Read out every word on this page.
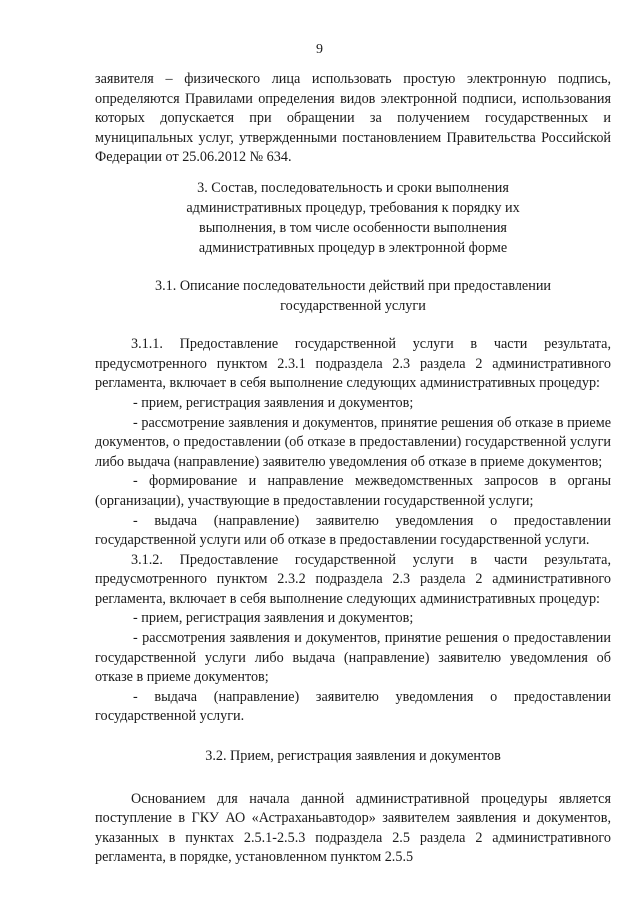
9

заявителя – физического лица использовать простую электронную подпись, определяются Правилами определения видов электронной подписи, использования которых допускается при обращении за получением государственных и муниципальных услуг, утвержденными постановлением Правительства Российской Федерации от 25.06.2012 № 634.

3. Состав, последовательность и сроки выполнения
административных процедур, требования к порядку их
выполнения, в том числе особенности выполнения
административных процедур в электронной форме

3.1. Описание последовательности действий при предоставлении
государственной услуги

3.1.1. Предоставление государственной услуги в части результата, предусмотренного пунктом 2.3.1 подраздела 2.3 раздела 2 административного регламента, включает в себя выполнение следующих административных процедур:

- прием, регистрация заявления и документов;

- рассмотрение заявления и документов, принятие решения об отказе в приеме документов, о предоставлении (об отказе в предоставлении) государственной услуги либо выдача (направление) заявителю уведомления об отказе в приеме документов;

- формирование и направление межведомственных запросов в органы (организации), участвующие в предоставлении государственной услуги;

- выдача (направление) заявителю уведомления о предоставлении государственной услуги или об отказе в предоставлении государственной услуги.

3.1.2. Предоставление государственной услуги в части результата, предусмотренного пунктом 2.3.2 подраздела 2.3 раздела 2 административного регламента, включает в себя выполнение следующих административных процедур:

- прием, регистрация заявления и документов;

- рассмотрения заявления и документов, принятие решения о предоставлении государственной услуги либо выдача (направление) заявителю уведомления об отказе в приеме документов;

- выдача (направление) заявителю уведомления о предоставлении государственной услуги.

3.2. Прием, регистрация заявления и документов

Основанием для начала данной административной процедуры является поступление в ГКУ АО «Астраханьавтодор» заявителем заявления и документов, указанных в пунктах 2.5.1-2.5.3 подраздела 2.5 раздела 2 административного регламента, в порядке, установленном пунктом 2.5.5
